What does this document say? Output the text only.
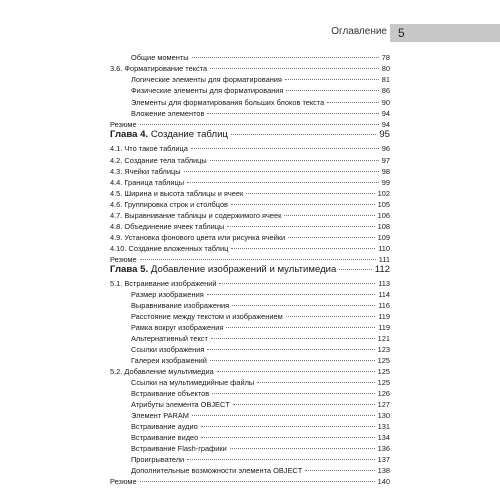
Оглавление 5
Общие моменты	78
3.6. Форматирование текста	80
Логические элементы для форматирования	81
Физические элементы для форматирования	86
Элементы для форматирования больших блоков текста	90
Вложение элементов	94
Резюме	94
Глава 4. Создание таблиц	95
4.1. Что такое таблица	96
4.2. Создание тела таблицы	97
4.3. Ячейки таблицы	98
4.4. Граница таблицы	99
4.5. Ширина и высота таблицы и ячеек	102
4.6. Группировка строк и столбцов	105
4.7. Выравнивание таблицы и содержимого ячеек	106
4.8. Объединение ячеек таблицы	108
4.9. Установка фонового цвета или рисунка ячейки	109
4.10. Создание вложенных таблиц	110
Резюме	111
Глава 5. Добавление изображений и мультимедиа	112
5.1. Встраивание изображений	113
Размер изображения	114
Выравнивание изображения	116
Расстояние между текстом и изображением	119
Рамка вокруг изображения	119
Альтернативный текст	121
Ссылки изображения	123
Галереи изображений	125
5.2. Добавление мультимедиа	125
Ссылки на мультимедийные файлы	125
Встраивание объектов	126
Атрибуты элемента OBJECT	127
Элемент PARAM	130
Встраивание аудио	131
Встраивание видео	134
Встраивание Flash-графики	136
Проигрыватели	137
Дополнительные возможности элемента OBJECT	138
Резюме	140
